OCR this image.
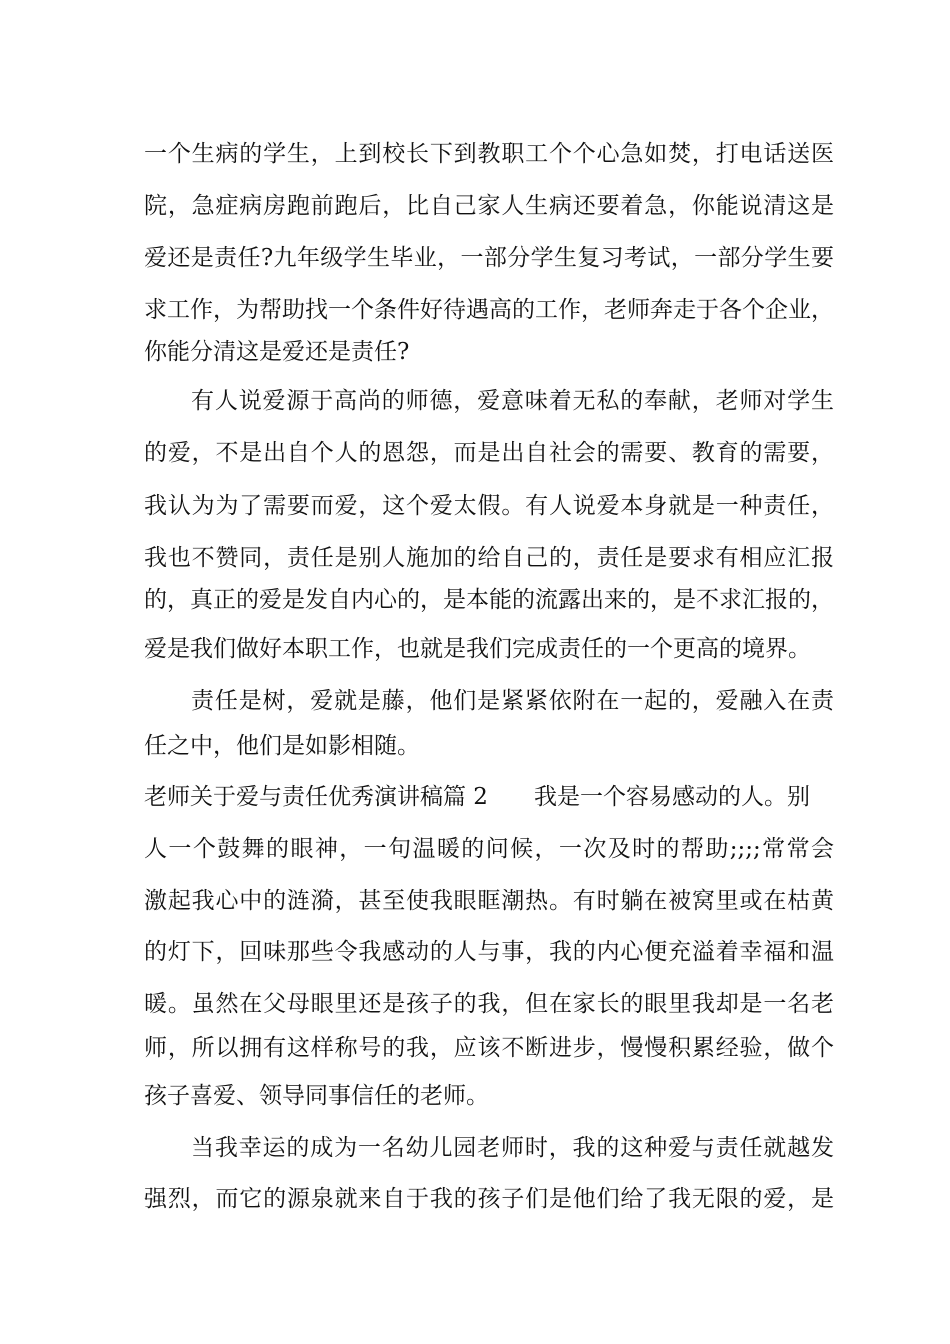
一个生病的学生，上到校长下到教职工个个心急如焚，打电话送医

院，急症病房跑前跑后，比自己家人生病还要着急，你能说清这是

爱还是责任?九年级学生毕业，一部分学生复习考试，一部分学生要

求工作，为帮助找一个条件好待遇高的工作，老师奔走于各个企业，

你能分清这是爱还是责任?

有人说爱源于高尚的师德，爱意味着无私的奉献，老师对学生

的爱，不是出自个人的恩怨，而是出自社会的需要、教育的需要，

我认为为了需要而爱，这个爱太假。有人说爱本身就是一种责任，

我也不赞同，责任是别人施加的给自己的，责任是要求有相应汇报

的，真正的爱是发自内心的，是本能的流露出来的，是不求汇报的，

爱是我们做好本职工作，也就是我们完成责任的一个更高的境界。

责任是树，爱就是藤，他们是紧紧依附在一起的，爱融入在责

任之中，他们是如影相随。

老师关于爱与责任优秀演讲稿篇 2 我是一个容易感动的人。别

人一个鼓舞的眼神，一句温暖的问候，一次及时的帮助;;;;常常会

激起我心中的涟漪，甚至使我眼眶潮热。有时躺在被窝里或在枯黄

的灯下，回味那些令我感动的人与事，我的内心便充溢着幸福和温

暖。虽然在父母眼里还是孩子的我，但在家长的眼里我却是一名老

师，所以拥有这样称号的我，应该不断进步，慢慢积累经验，做个

孩子喜爱、领导同事信任的老师。

当我幸运的成为一名幼儿园老师时，我的这种爱与责任就越发

强烈，而它的源泉就来自于我的孩子们是他们给了我无限的爱，是
